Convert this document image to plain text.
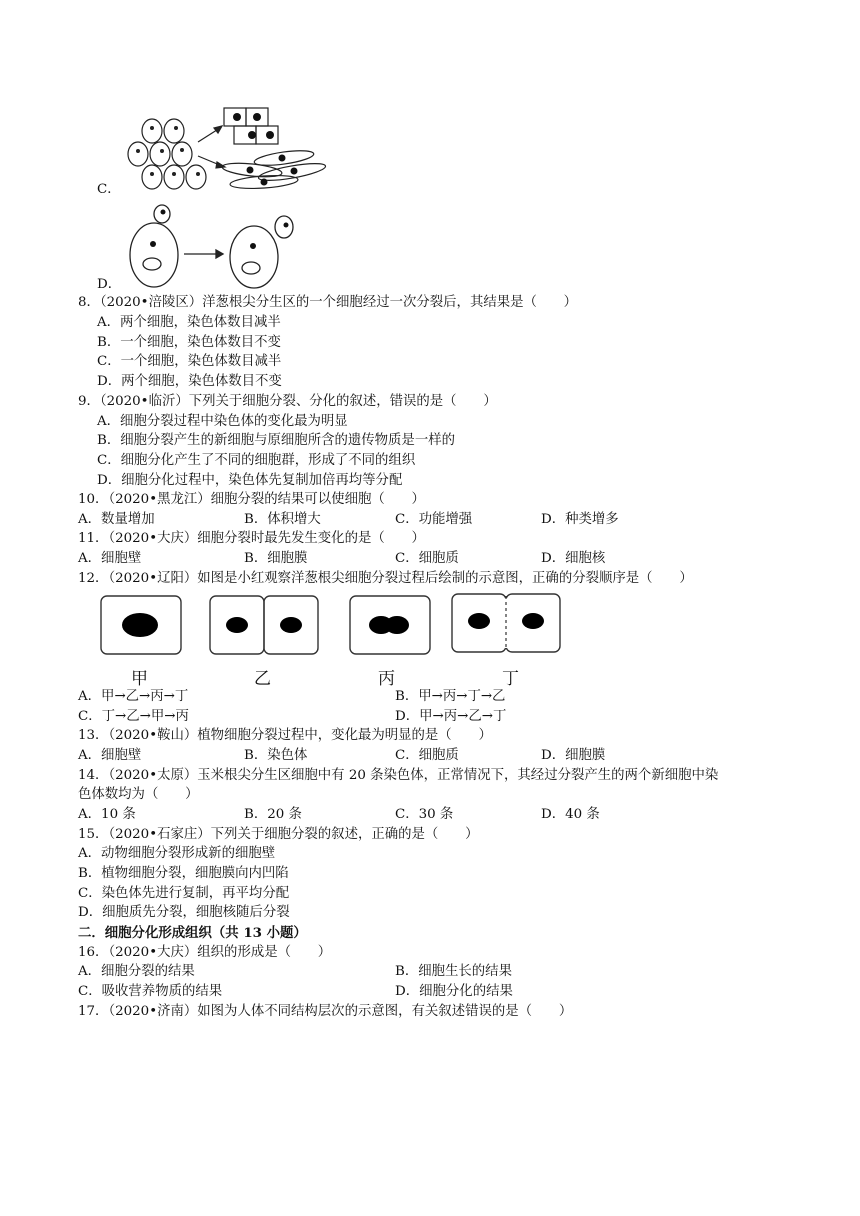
C．
D．
8．（2020•涪陵区）洋葱根尖分生区的一个细胞经过一次分裂后，其结果是（　　）
A．两个细胞，染色体数目减半
B．一个细胞，染色体数目不变
C．一个细胞，染色体数目减半
D．两个细胞，染色体数目不变
9．（2020•临沂）下列关于细胞分裂、分化的叙述，错误的是（　　）
A．细胞分裂过程中染色体的变化最为明显
B．细胞分裂产生的新细胞与原细胞所含的遗传物质是一样的
C．细胞分化产生了不同的细胞群，形成了不同的组织
D．细胞分化过程中，染色体先复制加倍再均等分配
10．（2020•黑龙江）细胞分裂的结果可以使细胞（　　）
A．数量增加	B．体积增大	C．功能增强	D．种类增多
11．（2020•大庆）细胞分裂时最先发生变化的是（　　）
A．细胞壁	B．细胞膜	C．细胞质	D．细胞核
12．（2020•辽阳）如图是小红观察洋葱根尖细胞分裂过程后绘制的示意图，正确的分裂顺序是（　　）
甲	乙	丙	丁
A．甲→乙→丙→丁	B．甲→丙→丁→乙
C．丁→乙→甲→丙	D．甲→丙→乙→丁
13．（2020•鞍山）植物细胞分裂过程中，变化最为明显的是（　　）
A．细胞壁	B．染色体	C．细胞质	D．细胞膜
14．（2020•太原）玉米根尖分生区细胞中有 20 条染色体，正常情况下，其经过分裂产生的两个新细胞中染
色体数均为（　　）
A．10 条	B．20 条	C．30 条	D．40 条
15．（2020•石家庄）下列关于细胞分裂的叙述，正确的是（　　）
A．动物细胞分裂形成新的细胞壁
B．植物细胞分裂，细胞膜向内凹陷
C．染色体先进行复制，再平均分配
D．细胞质先分裂，细胞核随后分裂
二．细胞分化形成组织（共 13 小题）
16．（2020•大庆）组织的形成是（　　）
A．细胞分裂的结果	B．细胞生长的结果
C．吸收营养物质的结果	D．细胞分化的结果
17．（2020•济南）如图为人体不同结构层次的示意图，有关叙述错误的是（　　）
